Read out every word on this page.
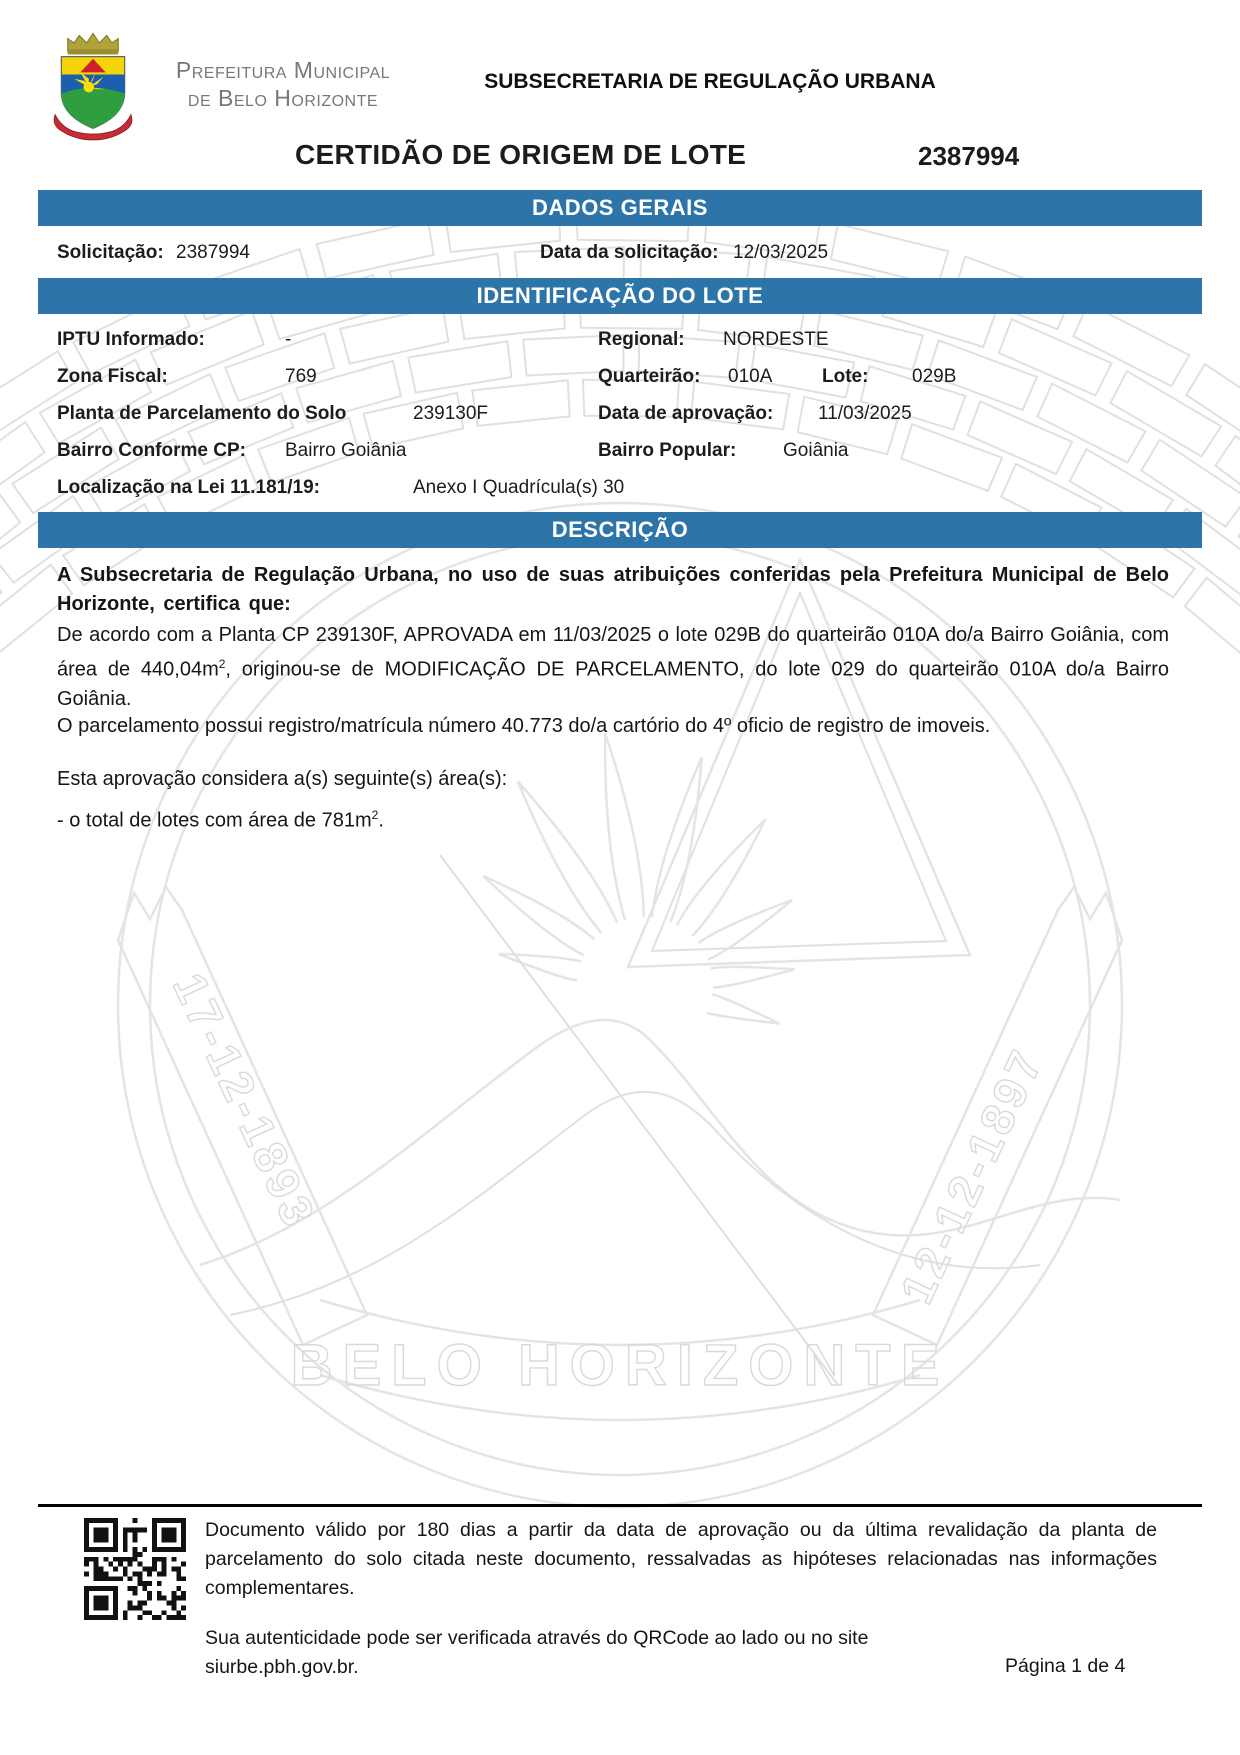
17-12-1893	12-12-1897
BELO HORIZONTE
Prefeitura Municipal
de Belo Horizonte
SUBSECRETARIA DE REGULAÇÃO URBANA
CERTIDÃO DE ORIGEM DE LOTE	2387994
DADOS GERAIS
Solicitação: 2387994	Data da solicitação: 12/03/2025
IDENTIFICAÇÃO DO LOTE
IPTU Informado:	-	Regional: NORDESTE
Zona Fiscal:	769	Quarteirão: 010A	Lote: 029B
Planta de Parcelamento do Solo	239130F	Data de aprovação: 11/03/2025
Bairro Conforme CP: Bairro Goiânia	Bairro Popular: Goiânia
Localização na Lei 11.181/19:	Anexo I Quadrícula(s) 30
DESCRIÇÃO
A Subsecretaria de Regulação Urbana, no uso de suas atribuições conferidas pela Prefeitura Municipal de Belo Horizonte, certifica que:
De acordo com a Planta CP 239130F, APROVADA em 11/03/2025 o lote 029B do quarteirão 010A do/a Bairro Goiânia, com área de $440,04m^2$, originou-se de MODIFICAÇÃO DE PARCELAMENTO, do lote 029 do quarteirão 010A do/a Bairro Goiânia.
O parcelamento possui registro/matrícula número 40.773 do/a cartório do 4º oficio de registro de imoveis.
Esta aprovação considera a(s) seguinte(s) área(s):
- o total de lotes com área de $781m^2$.
Documento válido por 180 dias a partir da data de aprovação ou da última revalidação da planta de parcelamento do solo citada neste documento, ressalvadas as hipóteses relacionadas nas informações complementares.
Sua autenticidade pode ser verificada através do QRCode ao lado ou no site siurbe.pbh.gov.br.	Página 1 de 4
